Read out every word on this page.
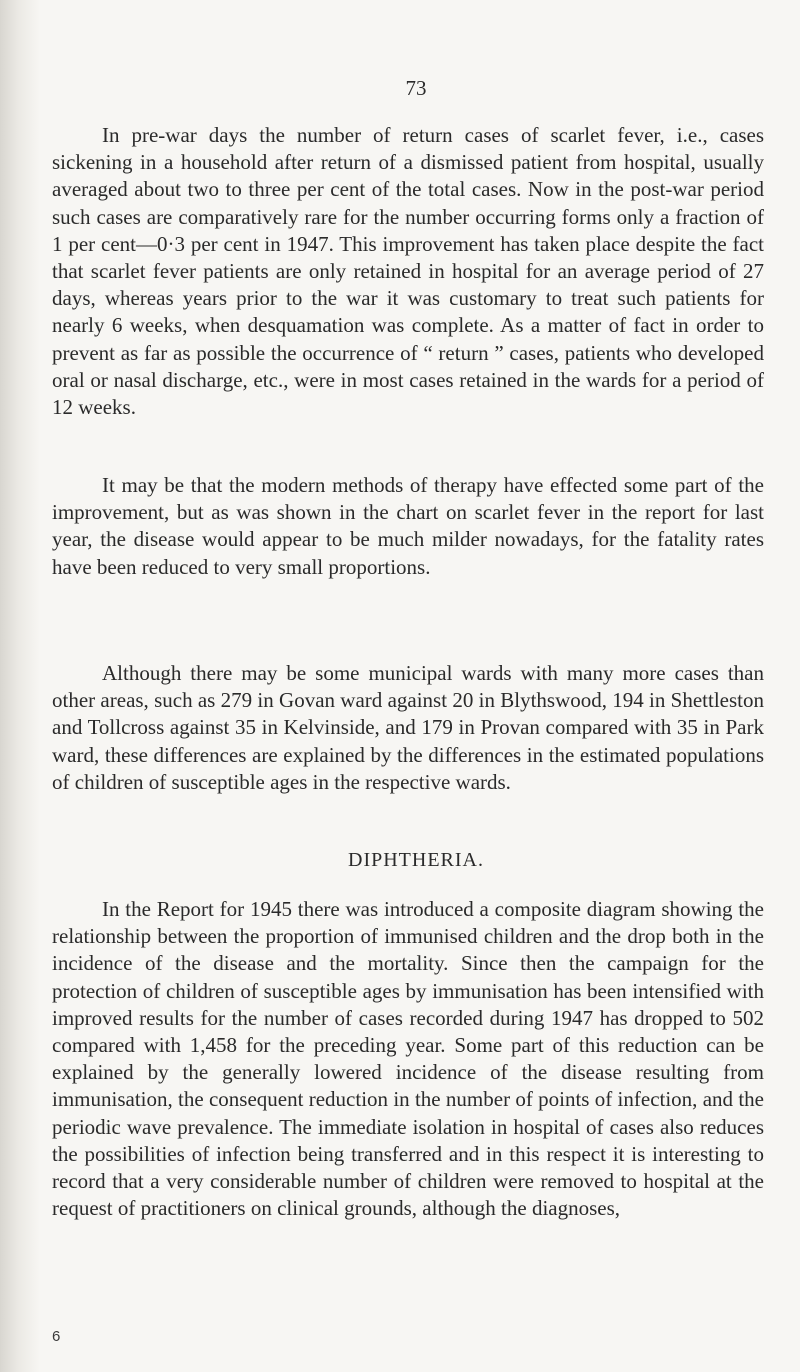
73

In pre-war days the number of return cases of scarlet fever, i.e., cases sickening in a household after return of a dismissed patient from hospital, usually averaged about two to three per cent of the total cases. Now in the post-war period such cases are comparatively rare for the number occurring forms only a fraction of 1 per cent—0·3 per cent in 1947. This improvement has taken place despite the fact that scarlet fever patients are only retained in hospital for an average period of 27 days, whereas years prior to the war it was customary to treat such patients for nearly 6 weeks, when desquamation was complete. As a matter of fact in order to prevent as far as possible the occurrence of “ return ” cases, patients who developed oral or nasal discharge, etc., were in most cases retained in the wards for a period of 12 weeks.

It may be that the modern methods of therapy have effected some part of the improvement, but as was shown in the chart on scarlet fever in the report for last year, the disease would appear to be much milder nowadays, for the fatality rates have been reduced to very small proportions.

Although there may be some municipal wards with many more cases than other areas, such as 279 in Govan ward against 20 in Blythswood, 194 in Shettleston and Tollcross against 35 in Kelvinside, and 179 in Provan compared with 35 in Park ward, these differences are explained by the differences in the estimated populations of children of susceptible ages in the respective wards.

DIPHTHERIA.

In the Report for 1945 there was introduced a composite diagram showing the relationship between the proportion of immunised children and the drop both in the incidence of the disease and the mortality. Since then the campaign for the protection of children of susceptible ages by immunisation has been intensified with improved results for the number of cases recorded during 1947 has dropped to 502 compared with 1,458 for the preceding year. Some part of this reduction can be explained by the generally lowered incidence of the disease resulting from immunisation, the consequent reduction in the number of points of infection, and the periodic wave prevalence. The immediate isolation in hospital of cases also reduces the possibilities of infection being transferred and in this respect it is interesting to record that a very considerable number of children were removed to hospital at the request of practitioners on clinical grounds, although the diagnoses,

6
